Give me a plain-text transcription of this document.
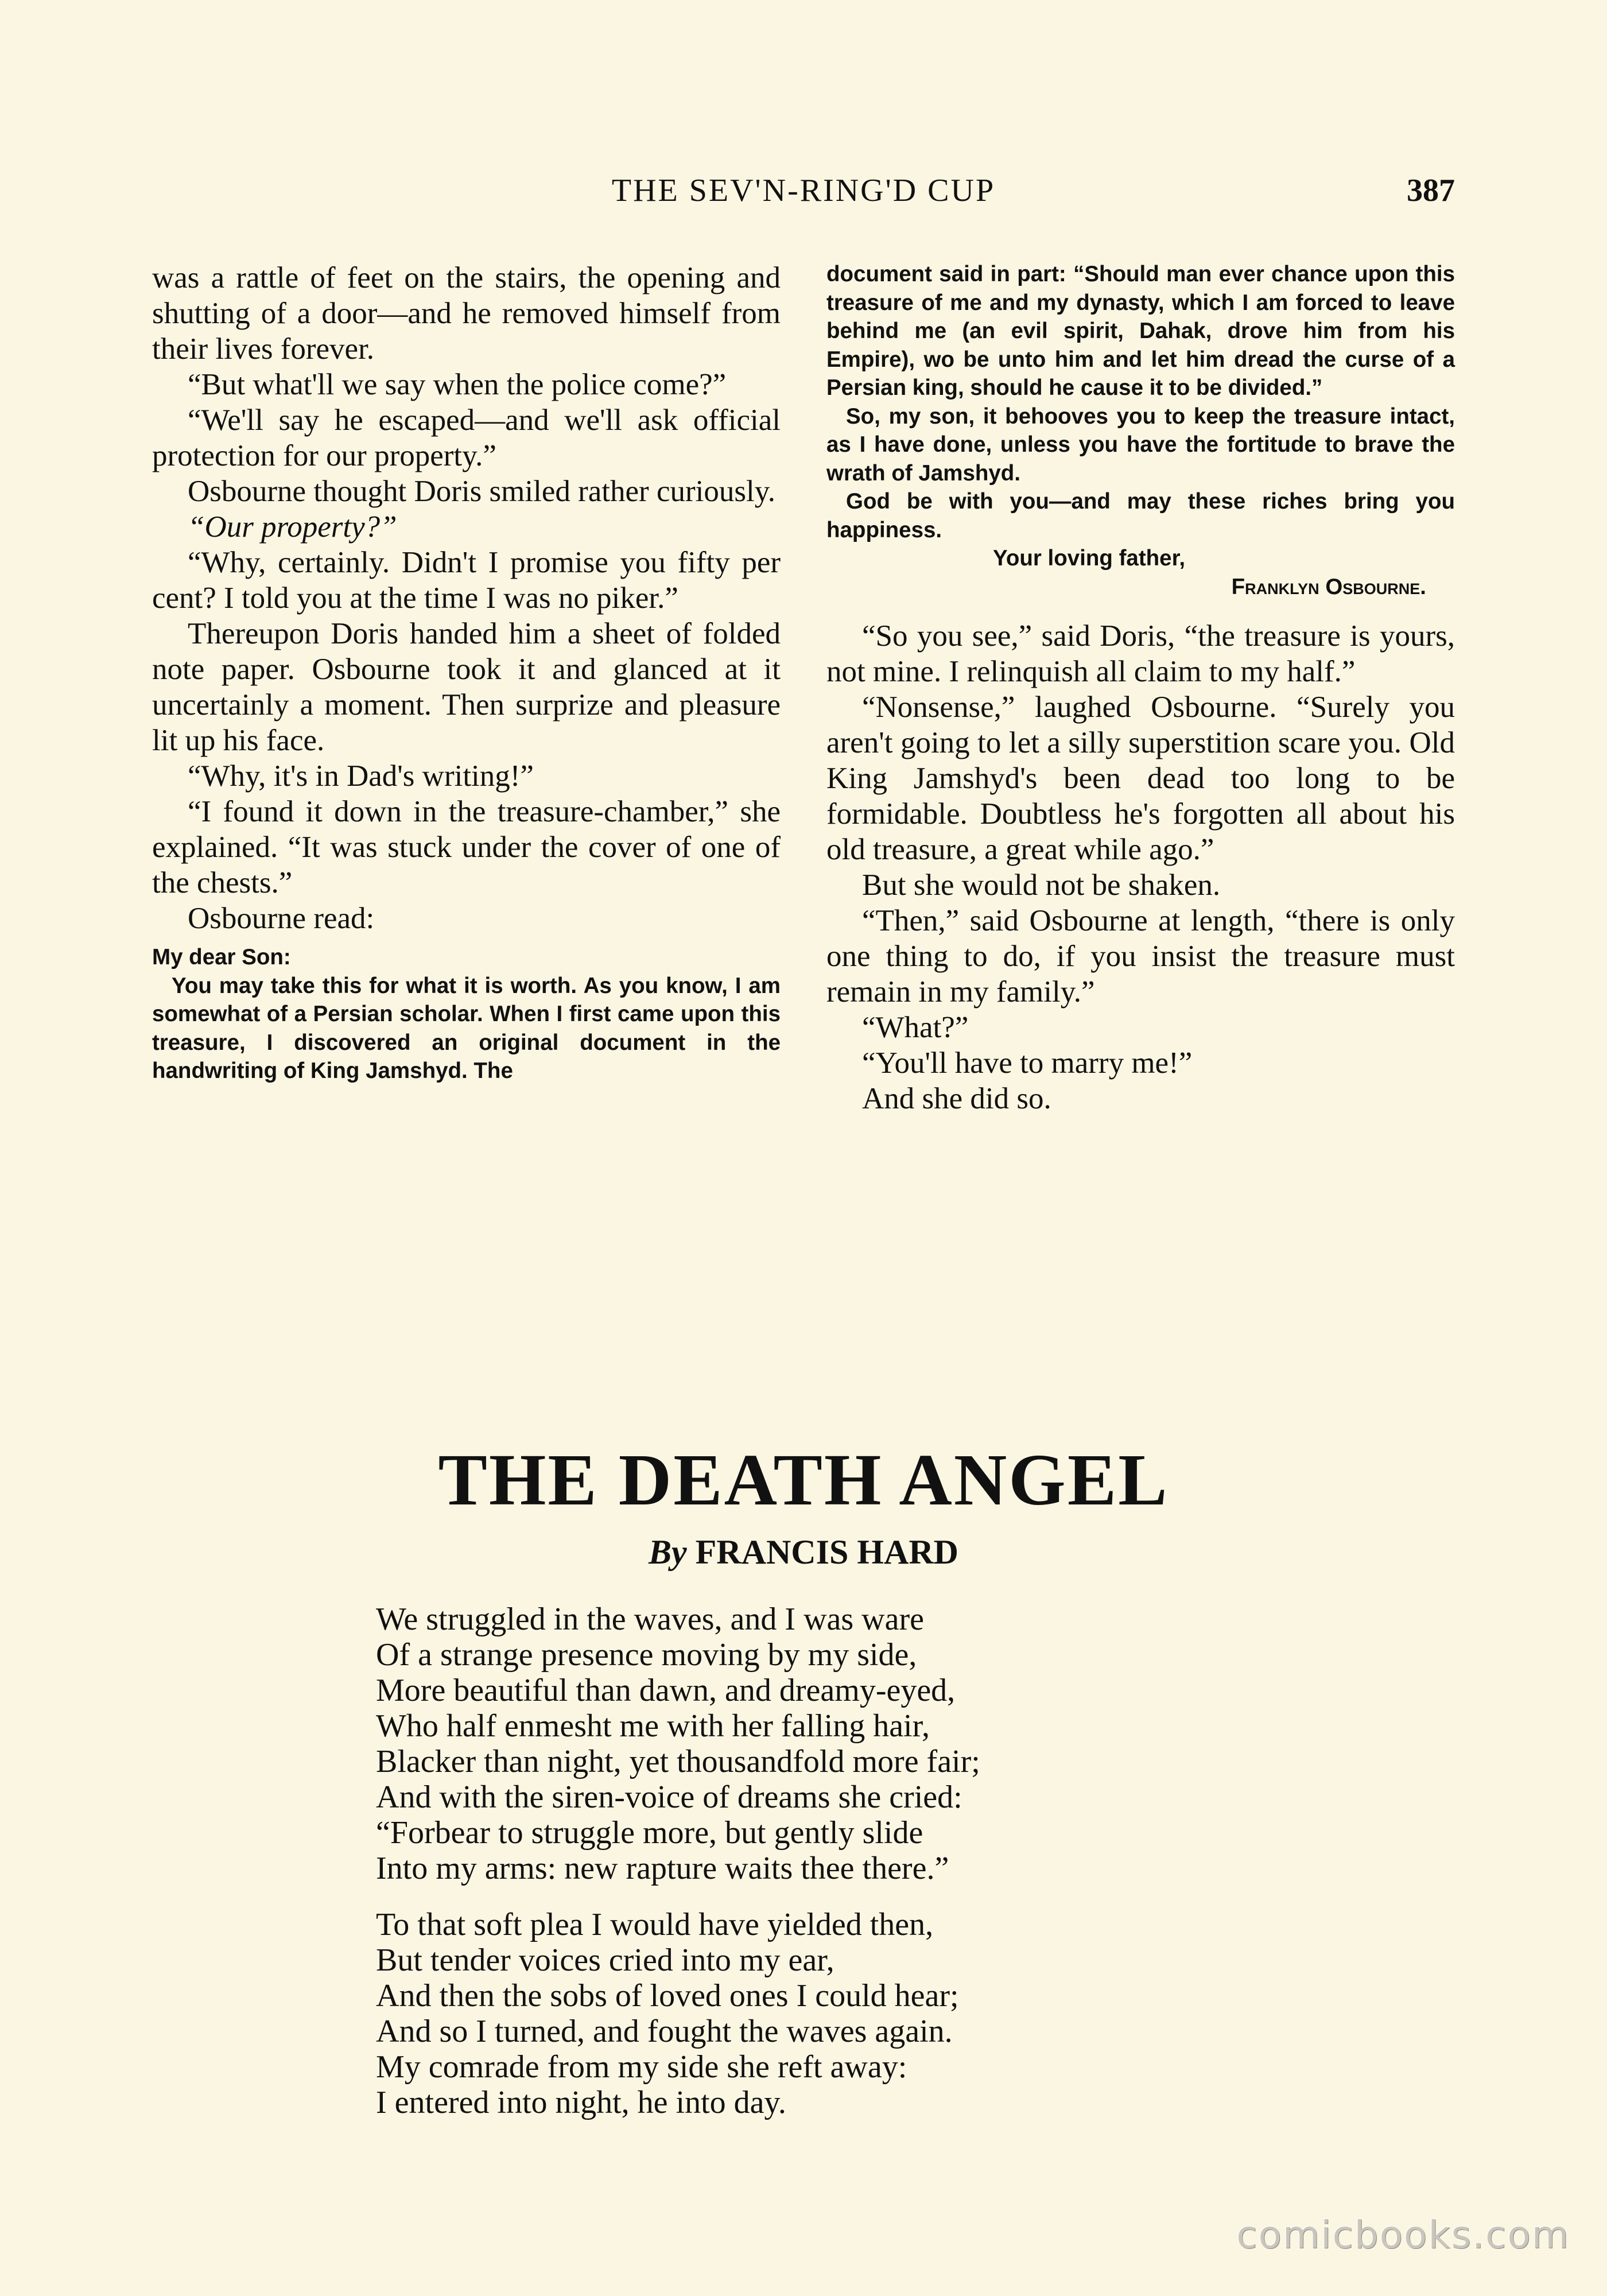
THE SEV'N-RING'D CUP	387

was a rattle of feet on the stairs, the opening and shutting of a door—and he removed himself from their lives forever.

“But what'll we say when the police come?”

“We'll say he escaped—and we'll ask official protection for our property.”

Osbourne thought Doris smiled rather curiously.

“Our property?”

“Why, certainly. Didn't I promise you fifty per cent? I told you at the time I was no piker.”

Thereupon Doris handed him a sheet of folded note paper. Osbourne took it and glanced at it uncertainly a moment. Then surprize and pleasure lit up his face.

“Why, it's in Dad's writing!”

“I found it down in the treasure-chamber,” she explained. “It was stuck under the cover of one of the chests.”

Osbourne read:

My dear Son:

You may take this for what it is worth. As you know, I am somewhat of a Persian scholar. When I first came upon this treasure, I discovered an original document in the handwriting of King Jamshyd. The

document said in part: “Should man ever chance upon this treasure of me and my dynasty, which I am forced to leave behind me (an evil spirit, Dahak, drove him from his Empire), wo be unto him and let him dread the curse of a Persian king, should he cause it to be divided.”

So, my son, it behooves you to keep the treasure intact, as I have done, unless you have the fortitude to brave the wrath of Jamshyd.

God be with you—and may these riches bring you happiness.

Your loving father,

Franklyn Osbourne.

“So you see,” said Doris, “the treasure is yours, not mine. I relinquish all claim to my half.”

“Nonsense,” laughed Osbourne. “Surely you aren't going to let a silly superstition scare you. Old King Jamshyd's been dead too long to be formidable. Doubtless he's forgotten all about his old treasure, a great while ago.”

But she would not be shaken.

“Then,” said Osbourne at length, “there is only one thing to do, if you insist the treasure must remain in my family.”

“What?”

“You'll have to marry me!”

And she did so.

THE DEATH ANGEL
By FRANCIS HARD
We struggled in the waves, and I was ware
Of a strange presence moving by my side,
More beautiful than dawn, and dreamy-eyed,
Who half enmesht me with her falling hair,
Blacker than night, yet thousandfold more fair;
And with the siren-voice of dreams she cried:
“Forbear to struggle more, but gently slide
Into my arms: new rapture waits thee there.”
To that soft plea I would have yielded then,
But tender voices cried into my ear,
And then the sobs of loved ones I could hear;
And so I turned, and fought the waves again.
My comrade from my side she reft away:
I entered into night, he into day.
comicbooks.com
